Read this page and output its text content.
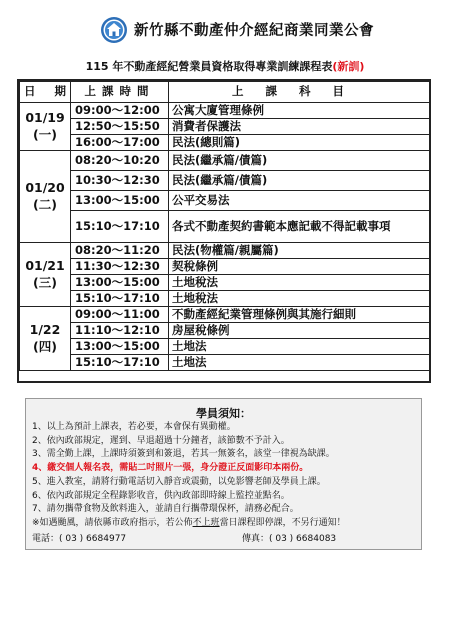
新竹縣不動產仲介經紀商業同業公會
115 年不動產經紀營業員資格取得專業訓練課程表(新訓)
日期	上課時間	上課科目

01/19
(一)	09:00～12:00	公寓大廈管理條例
	12:50～15:50	消費者保護法
	16:00～17:00	民法(總則篇)

01/20
(二)	08:20～10:20	民法(繼承篇/債篇)
	10:30～12:30	民法(繼承篇/債篇)
	13:00～15:00	公平交易法
	15:10～17:10	各式不動產契約書範本應記載不得記載事項

01/21
(三)	08:20～11:20	民法(物權篇/親屬篇)
	11:30～12:30	契稅條例
	13:00～15:00	土地稅法
	15:10～17:10	土地稅法

1/22
(四)	09:00～11:00	不動產經紀業管理條例與其施行細則
	11:10～12:10	房屋稅條例
	13:00～15:00	土地法
	15:10～17:10	土地法
學員須知：
1、以上為預計上課表，若必要，本會保有異動權。
2、依內政部規定，遲到、早退超過十分鐘者，該節數不予計入。
3、需全勤上課，上課時須簽到和簽退，若其一無簽名，該堂一律視為缺課。
4、繳交個人報名表，需貼二吋照片一張，身分證正反面影印本兩份。
5、進入教室，請將行動電話切入靜音或震動，以免影響老師及學員上課。
6、依內政部規定全程錄影收音，供內政部即時線上監控並點名。
7、請勿攜帶食物及飲料進入，並請自行攜帶環保杯，請務必配合。
※如遇颱風，請依縣市政府指示，若公佈不上班當日課程即停課，不另行通知！
電話：( 03 ) 6684977	傳真：( 03 ) 6684083
